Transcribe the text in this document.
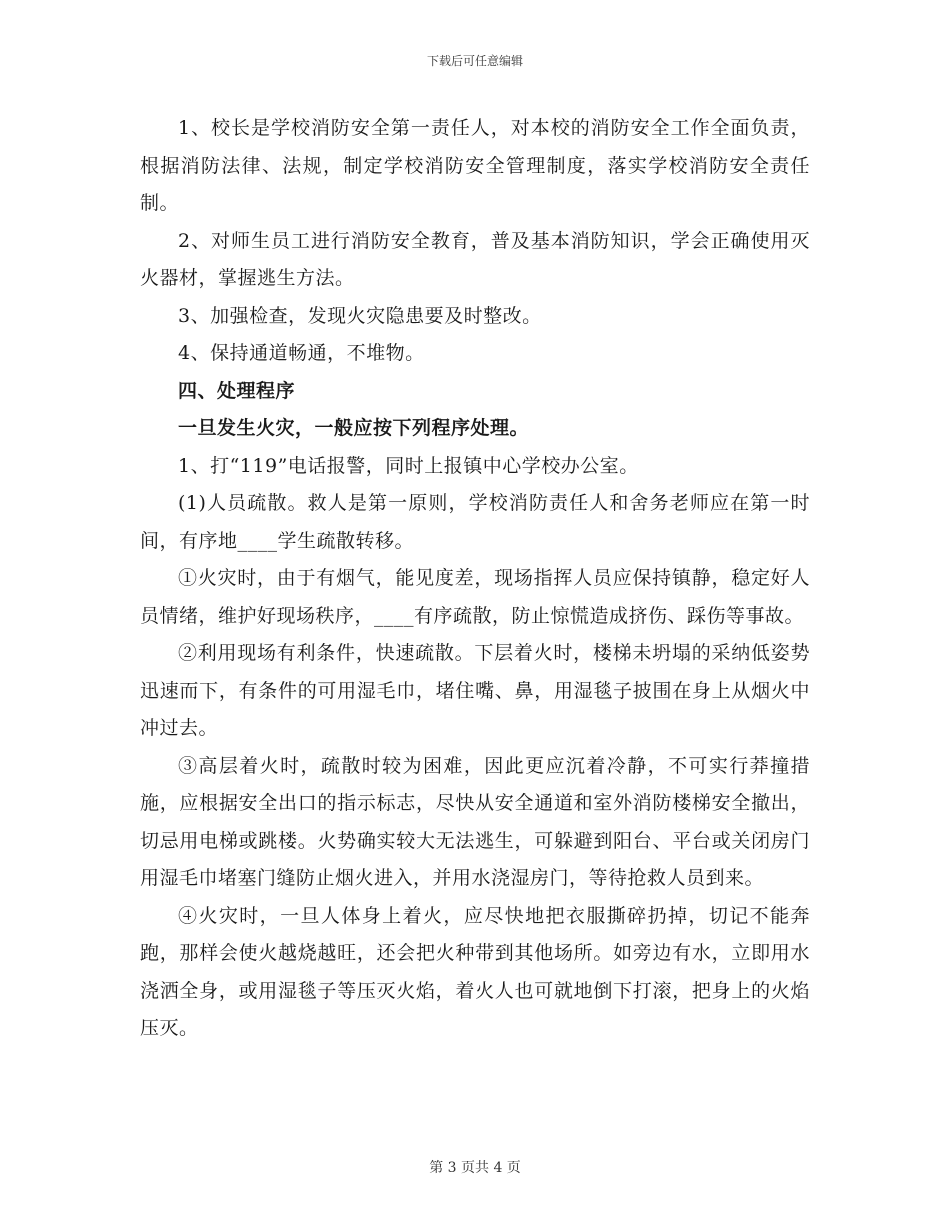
下载后可任意编辑

1、校长是学校消防安全第一责任人，对本校的消防安全工作全面负责，根据消防法律、法规，制定学校消防安全管理制度，落实学校消防安全责任制。

2、对师生员工进行消防安全教育，普及基本消防知识，学会正确使用灭火器材，掌握逃生方法。

3、加强检查，发现火灾隐患要及时整改。

4、保持通道畅通，不堆物。

四、处理程序

一旦发生火灾，一般应按下列程序处理。

1、打“119”电话报警，同时上报镇中心学校办公室。

(1)人员疏散。救人是第一原则，学校消防责任人和舍务老师应在第一时间，有序地____学生疏散转移。

①火灾时，由于有烟气，能见度差，现场指挥人员应保持镇静，稳定好人员情绪，维护好现场秩序，____有序疏散，防止惊慌造成挤伤、踩伤等事故。

②利用现场有利条件，快速疏散。下层着火时，楼梯未坍塌的采纳低姿势迅速而下，有条件的可用湿毛巾，堵住嘴、鼻，用湿毯子披围在身上从烟火中冲过去。

③高层着火时，疏散时较为困难，因此更应沉着冷静，不可实行莽撞措施，应根据安全出口的指示标志，尽快从安全通道和室外消防楼梯安全撤出，切忌用电梯或跳楼。火势确实较大无法逃生，可躲避到阳台、平台或关闭房门用湿毛巾堵塞门缝防止烟火进入，并用水浇湿房门，等待抢救人员到来。

④火灾时，一旦人体身上着火，应尽快地把衣服撕碎扔掉，切记不能奔跑，那样会使火越烧越旺，还会把火种带到其他场所。如旁边有水，立即用水浇洒全身，或用湿毯子等压灭火焰，着火人也可就地倒下打滚，把身上的火焰压灭。

第 3 页共 4 页
